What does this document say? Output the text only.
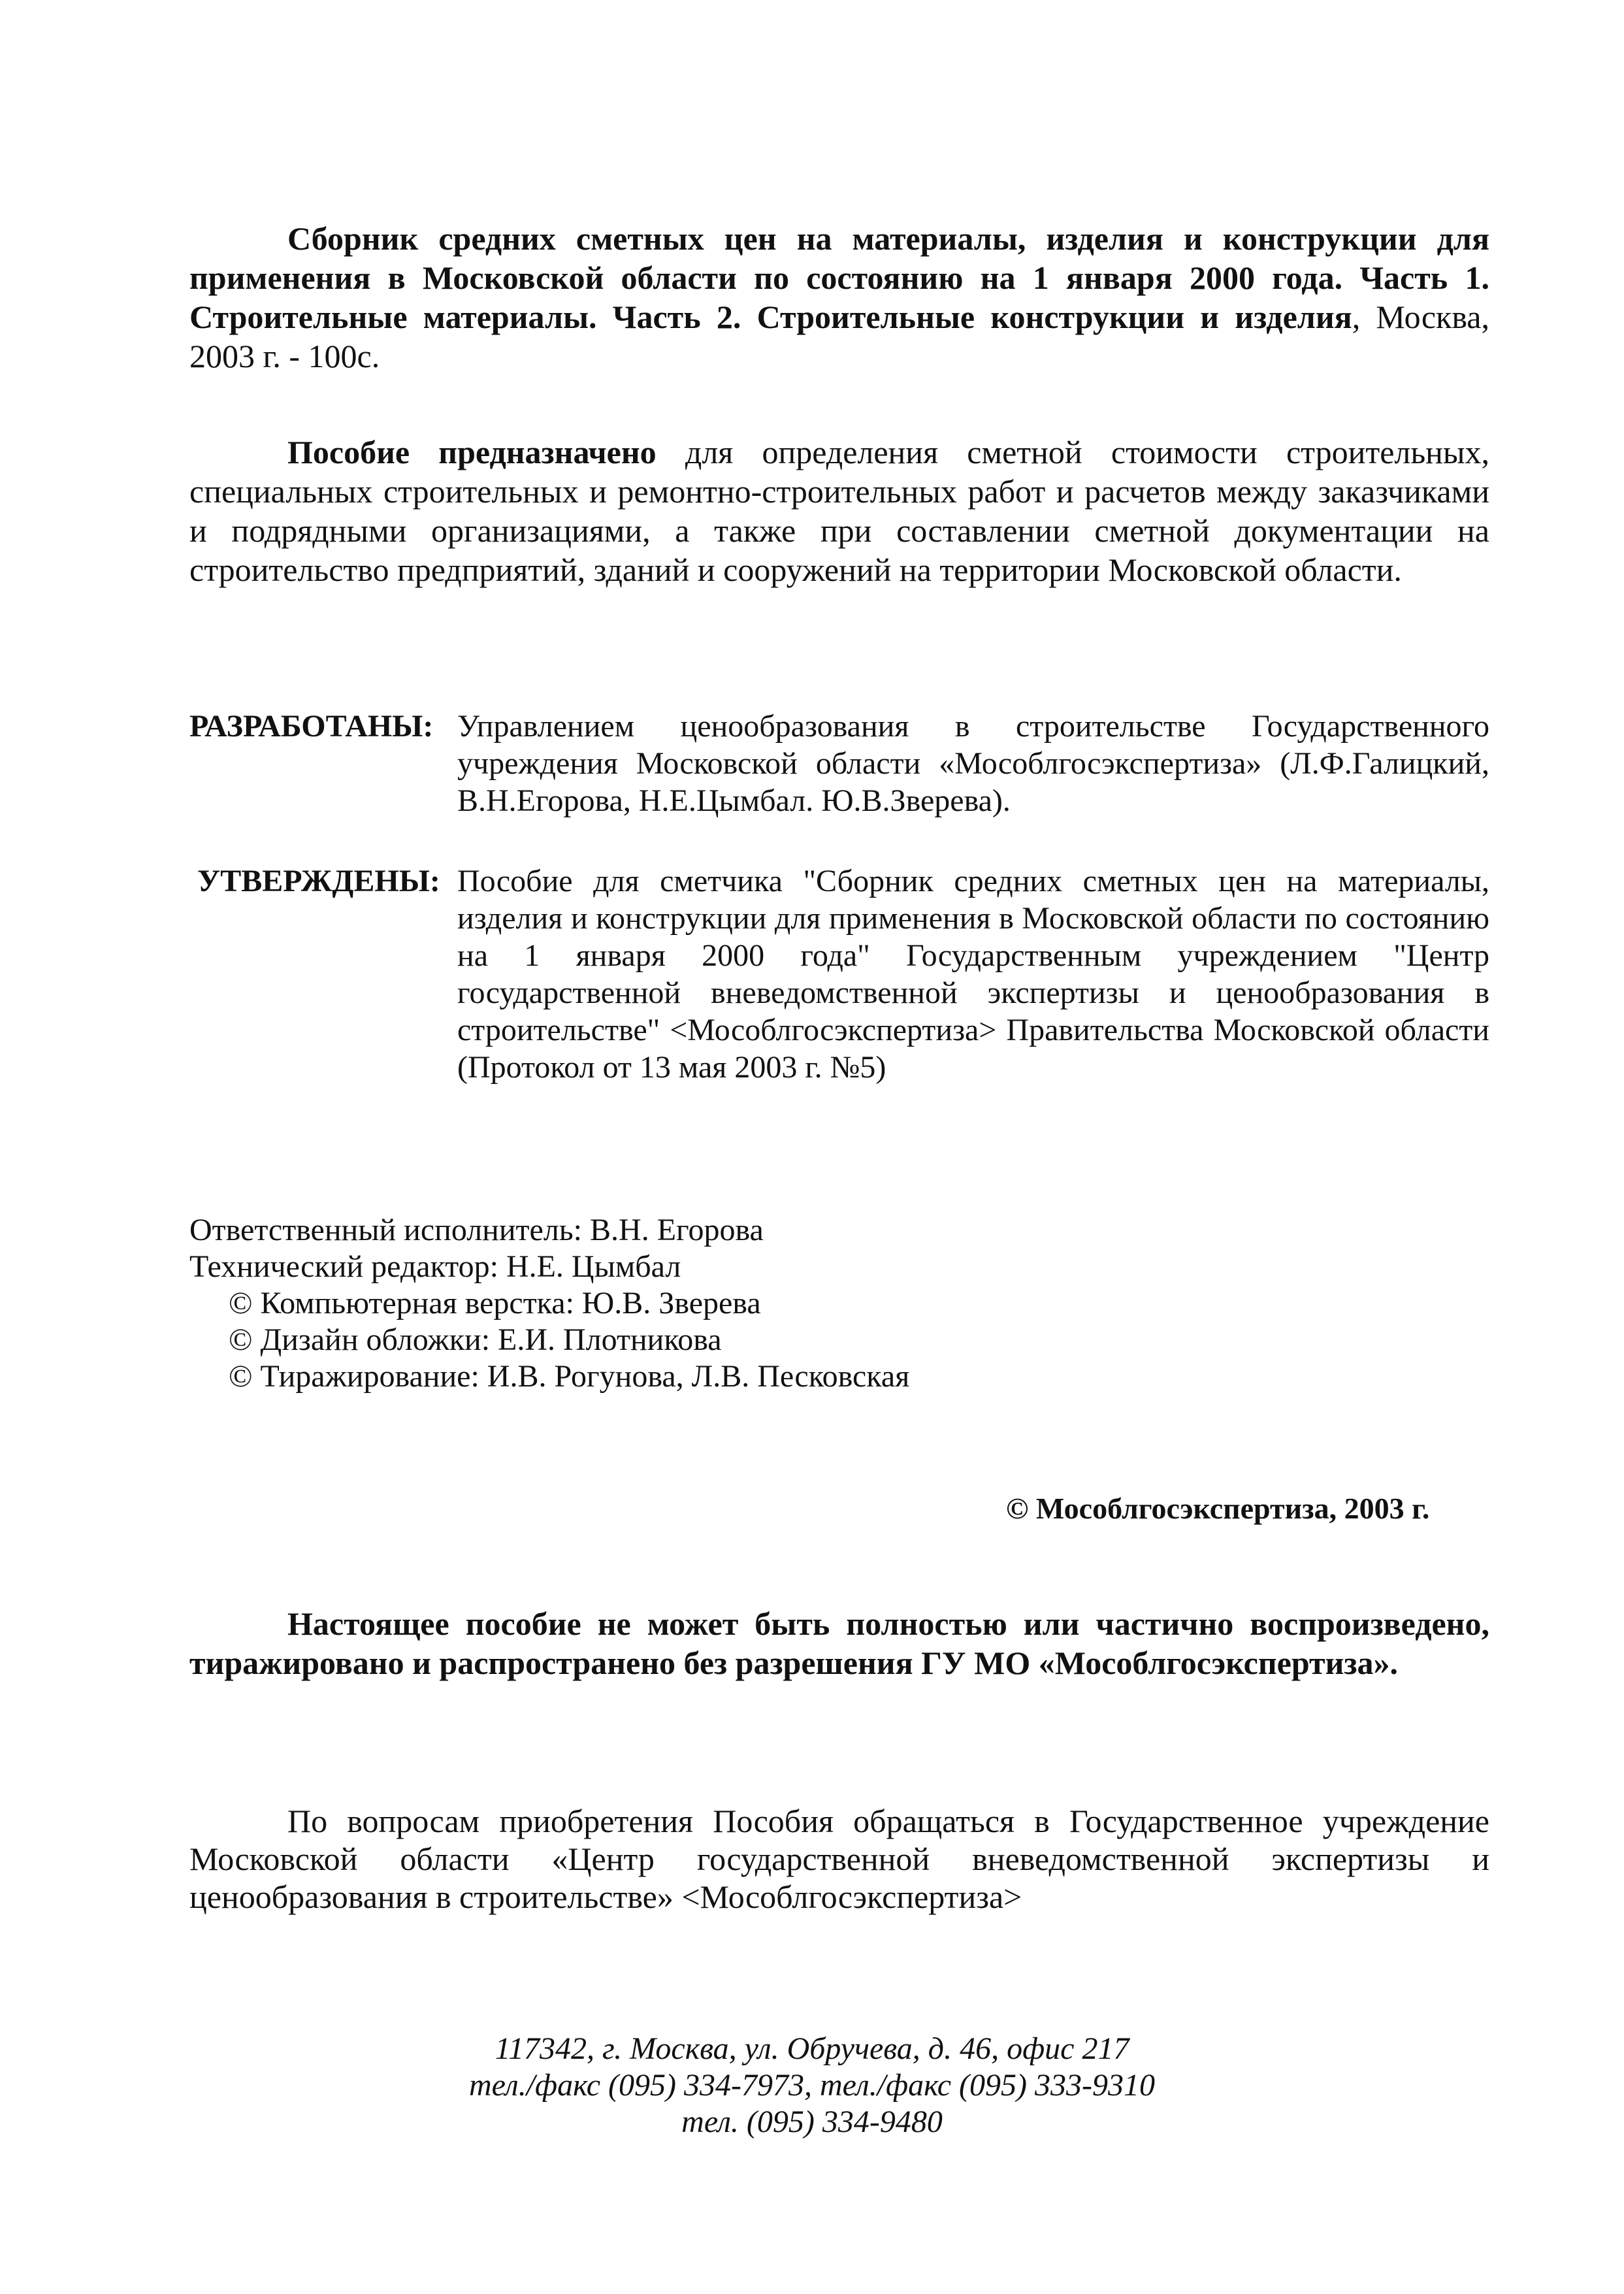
Сборник средних сметных цен на материалы, изделия и конструкции для применения в Московской области по состоянию на 1 января 2000 года. Часть 1. Строительные материалы. Часть 2. Строительные конструкции и изделия, Москва, 2003 г. - 100с.
Пособие предназначено для определения сметной стоимости строительных, специальных строительных и ремонтно-строительных работ и расчетов между заказчиками и подрядными организациями, а также при составлении сметной документации на строительство предприятий, зданий и сооружений на территории Московской области.
РАЗРАБОТАНЫ: Управлением ценообразования в строительстве Государственного учреждения Московской области «Мособлгосэкспертиза» (Л.Ф.Галицкий, В.Н.Егорова, Н.Е.Цымбал. Ю.В.Зверева).
УТВЕРЖДЕНЫ: Пособие для сметчика "Сборник средних сметных цен на материалы, изделия и конструкции для применения в Московской области по состоянию на 1 января 2000 года" Государственным учреждением "Центр государственной вневедомственной экспертизы и ценообразования в строительстве" <Мособлгосэкспертиза> Правительства Московской области (Протокол от 13 мая 2003 г. №5)
Ответственный исполнитель: В.Н. Егорова
Технический редактор: Н.Е. Цымбал
© Компьютерная верстка: Ю.В. Зверева
© Дизайн обложки: Е.И. Плотникова
© Тиражирование: И.В. Рогунова, Л.В. Песковская
© Мособлгосэкспертиза, 2003 г.
Настоящее пособие не может быть полностью или частично воспроизведено, тиражировано и распространено без разрешения ГУ МО «Мособлгосэкспертиза».
По вопросам приобретения Пособия обращаться в Государственное учреждение Московской области «Центр государственной вневедомственной экспертизы и ценообразования в строительстве» <Мособлгосэкспертиза>
117342, г. Москва, ул. Обручева, д. 46, офис 217
тел./факс (095) 334-7973, тел./факс (095) 333-9310
тел. (095) 334-9480
